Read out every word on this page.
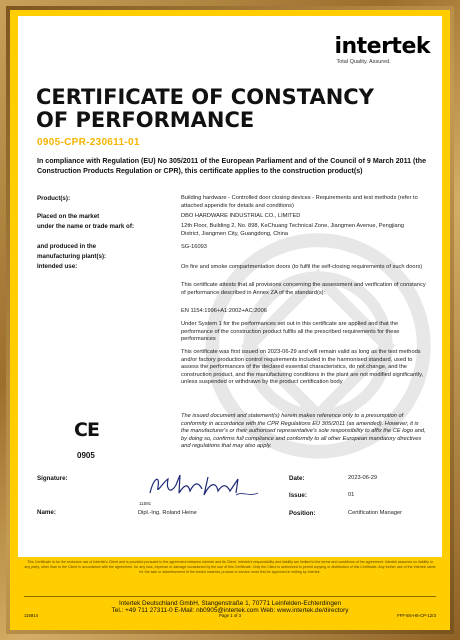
intertek
Total Quality. Assured.
CERTIFICATE OF CONSTANCY
OF PERFORMANCE
0905-CPR-230611-01
In compliance with Regulation (EU) No 305/2011 of the European Parliament and of the Council of 9 March 2011 (the Construction Products Regulation or CPR), this certificate applies to the construction product(s)
Product(s):	Building hardware - Controlled door closing devices - Requirements and test methods (refer to attached appendix for details and conditions)
Placed on the market
under the name or trade mark of:
DBO HARDWARE INDUSTRIAL CO., LIMITED
12th Floor, Building 2, No. 898, KeChuang Technical Zone, Jiangmen Avenue, Pengjiang District, Jiangmen City, Guangdong, China
and produced in the
manufacturing plant(s):
SG-16093
Intended use:	On fire and smoke compartmentation doors (to fulfil the self-closing requirements of such doors)
This certificate attests that all provisions concerning the assessment and verification of constancy of performance described in Annex ZA of the standard(s):
EN 1154:1996+A1:2002+AC:2006
Under System 1 for the performances set out in this certificate are applied and that the performance of the construction product fulfils all the prescribed requirements for these performances
This certificate was first issued on 2023-06-29 and will remain valid as long as the test methods and/or factory production control requirements included in the harmonised standard, used to assess the performances of the declared essential characteristics, do not change, and the construction product, and the manufacturing conditions in the plant are not modified significantly, unless suspended or withdrawn by the product certification body
The issued document and statement(s) herein makes reference only to a presumption of conformity in accordance with the CPR Regulations EU 305/2011 (as amended). However, it is the manufacturer's or their authorised representative's sole responsibility to affix the CE logo and, by doing so, confirms full compliance and conformity to all other European mandatory directives and regulations that may also apply.
CE
0905
Signature:
11591
Name:	Dipl.-Ing. Roland Heine
Date:	2023-06-29
Issue:	01
Position:	Certification Manager
This Certificate is for the exclusive use of Intertek's Client and is provided pursuant to the agreement between Intertek and its Client. Intertek's responsibility and liability are limited to the terms and conditions of the agreement. Intertek assumes no liability to any party, other than to the Client in accordance with the agreement, for any loss, expense or damage occasioned by the use of this Certificate. Only the Client is authorized to permit copying or distribution of this Certificate. Any further use of the Intertek name for the sale or advertisement of the tested material, product or service must first be approved in writing by Intertek.
Intertek Deutschland GmbH, Stangenstraße 1, 70771 Leinfelden-Echterdingen
Tel.: +49 711 27311-0 E-Mail: nb0905@intertek.com Web: www.intertek.de/directory
Page 1 of 3
116914	FFF-E6-H8-CP-12r3
